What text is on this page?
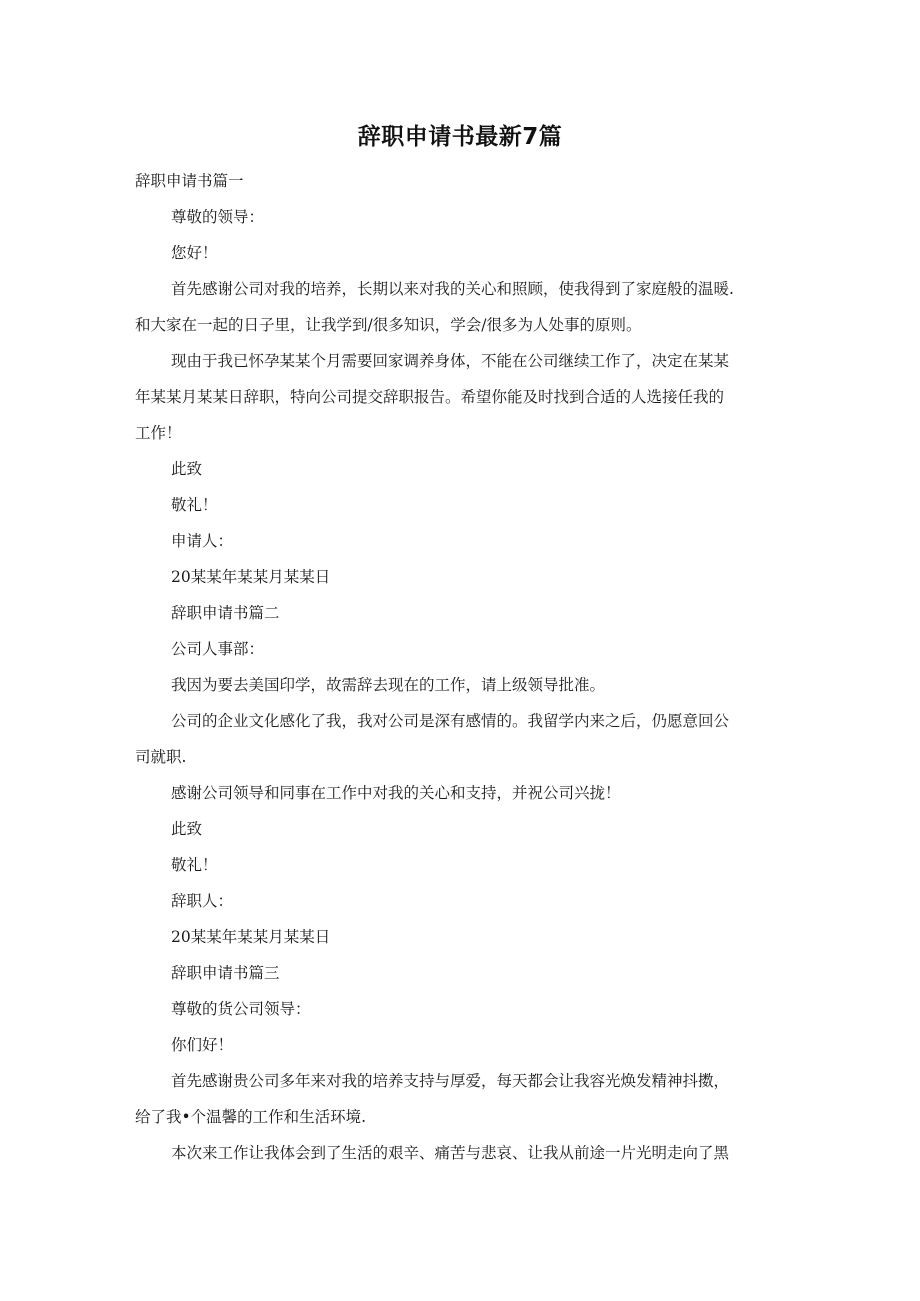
辞职申请书最新7篇
辞职申请书篇一
尊敬的领导：
您好！
首先感谢公司对我的培养，长期以来对我的关心和照顾，使我得到了家庭般的温暖.
和大家在一起的日子里，让我学到/很多知识，学会/很多为人处事的原则。
现由于我已怀孕某某个月需要回家调养身体，不能在公司继续工作了，决定在某某
年某某月某某日辞职，特向公司提交辞职报告。希望你能及时找到合适的人选接任我的
工作！
此致
敬礼！
申请人：
20某某年某某月某某日
辞职申请书篇二
公司人事部：
我因为要去美国印学，故需辞去现在的工作，请上级领导批准。
公司的企业文化感化了我，我对公司是深有感情的。我留学内来之后，仍愿意回公
司就职.
感谢公司领导和同事在工作中对我的关心和支持，并祝公司兴拢！
此致
敬礼！
辞职人：
20某某年某某月某某日
辞职申请书篇三
尊敬的货公司领导：
你们好！
首先感谢贵公司多年来对我的培养支持与厚爱，每天都会让我容光焕发精神抖擞，
给了我•个温馨的工作和生活环境.
本次来工作让我体会到了生活的艰辛、痛苦与悲哀、让我从前途一片光明走向了黑
